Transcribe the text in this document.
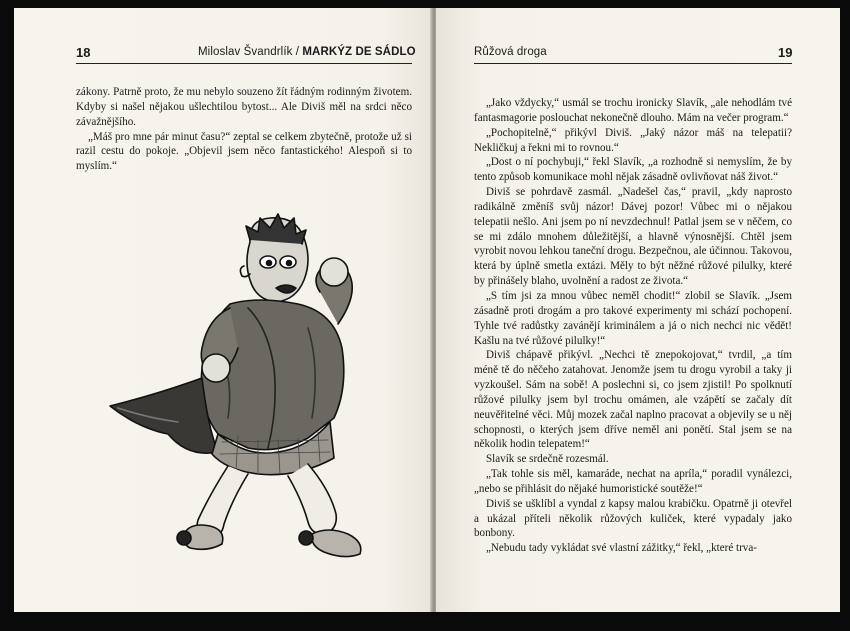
18	Miloslav Švandrlík / MARKÝZ DE SÁDLO

zákony. Patrně proto, že mu nebylo souzeno žít řádným rodinným životem. Kdyby si našel nějakou ušlechtilou bytost... Ale Diviš měl na srdci něco závažnějšího.

„Máš pro mne pár minut času?“ zeptal se celkem zbytečně, protože už si razil cestu do pokoje. „Objevil jsem něco fantastického! Alespoň si to myslím.“

Růžová droga	19

„Jako vždycky,“ usmál se trochu ironicky Slavík, „ale nehodlám tvé fantasmagorie poslouchat nekonečně dlouho. Mám na večer program.“

„Pochopitelně,“ přikývl Diviš. „Jaký názor máš na telepatii? Nekličkuj a řekni mi to rovnou.“

„Dost o ní pochybuji,“ řekl Slavík, „a rozhodně si nemyslím, že by tento způsob komunikace mohl nějak zásadně ovlivňovat náš život.“

Diviš se pohrdavě zasmál. „Nadešel čas,“ pravil, „kdy naprosto radikálně změníš svůj názor! Dávej pozor! Vůbec mi o nějakou telepatii nešlo. Ani jsem po ní nevzdechnul! Patlal jsem se v něčem, co se mi zdálo mnohem důležitější, a hlavně výnosnější. Chtěl jsem vyrobit novou lehkou taneční drogu. Bezpečnou, ale účinnou. Takovou, která by úplně smetla extázi. Měly to být něžné růžové pilulky, které by přinášely blaho, uvolnění a radost ze života.“

„S tím jsi za mnou vůbec neměl chodit!“ zlobil se Slavík. „Jsem zásadně proti drogám a pro takové experimenty mi schází pochopení. Tyhle tvé radůstky zavánějí kriminálem a já o nich nechci nic vědět! Kašlu na tvé růžové pilulky!“

Diviš chápavě přikývl. „Nechci tě znepokojovat,“ tvrdil, „a tím méně tě do něčeho zatahovat. Jenomže jsem tu drogu vyrobil a taky ji vyzkoušel. Sám na sobě! A poslechni si, co jsem zjistil! Po spolknutí růžové pilulky jsem byl trochu omámen, ale vzápětí se začaly dít neuvěřitelné věci. Můj mozek začal naplno pracovat a objevily se u něj schopnosti, o kterých jsem dříve neměl ani ponětí. Stal jsem se na několik hodin telepatem!“

Slavík se srdečně rozesmál.

„Tak tohle sis měl, kamaráde, nechat na apríla,“ poradil vynálezci, „nebo se přihlásit do nějaké humoristické soutěže!“

Diviš se ušklíbl a vyndal z kapsy malou krabičku. Opatrně ji otevřel a ukázal příteli několik růžových kuliček, které vypadaly jako bonbony.

„Nebudu tady vykládat své vlastní zážitky,“ řekl, „které trva-
